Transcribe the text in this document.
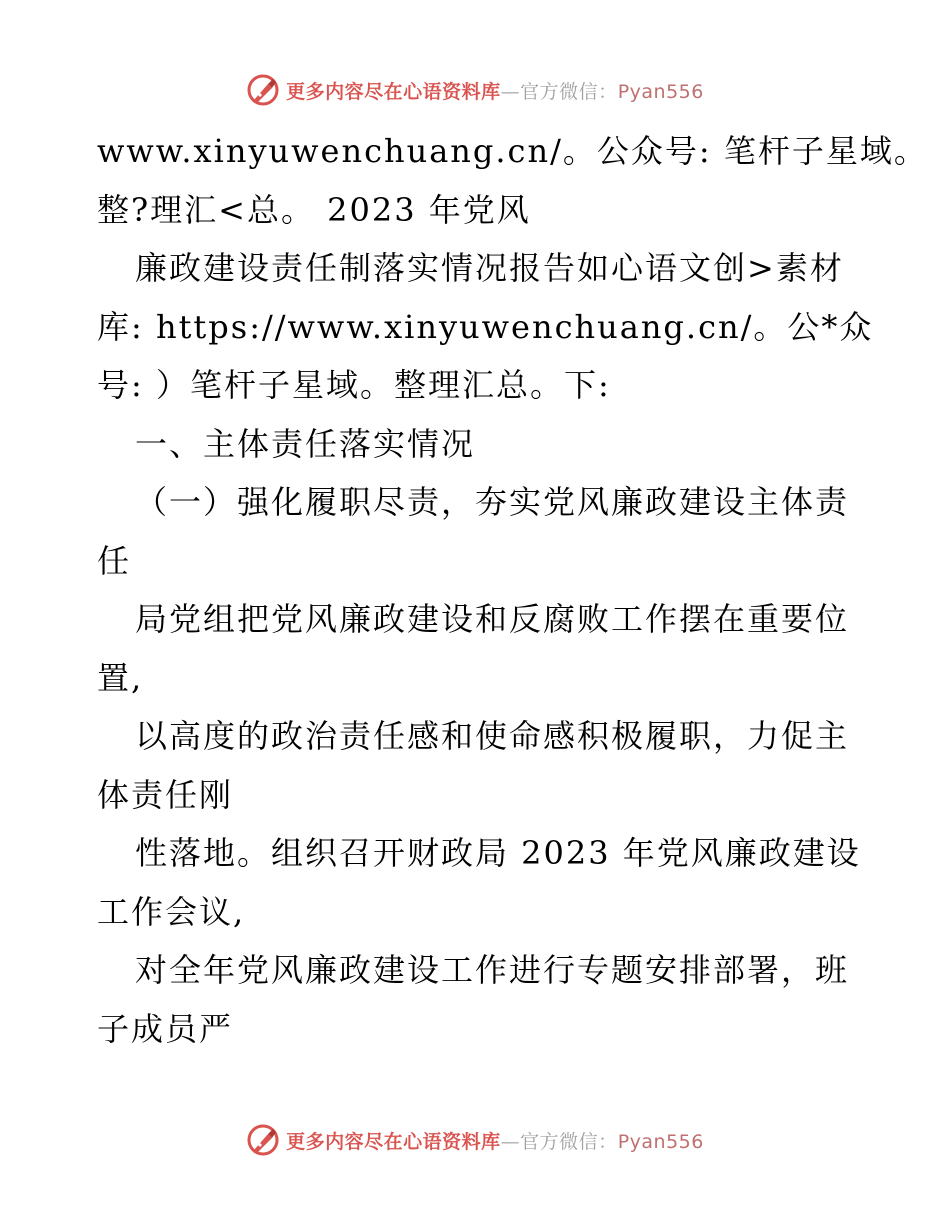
更多内容尽在心语资料库—官方微信：Pyan556
www.xinyuwenchuang.cn/。公众号: 笔杆子星域。
整?理汇<总。 2023 年党风
廉政建设责任制落实情况报告如心语文创>素材
库: https://www.xinyuwenchuang.cn/。公*众
号: ）笔杆子星域。整理汇总。下:
一、主体责任落实情况
（一）强化履职尽责，夯实党风廉政建设主体责
任
局党组把党风廉政建设和反腐败工作摆在重要位
置,
以高度的政治责任感和使命感积极履职，力促主
体责任刚
性落地。组织召开财政局 2023 年党风廉政建设
工作会议,
对全年党风廉政建设工作进行专题安排部署，班
子成员严
更多内容尽在心语资料库—官方微信：Pyan556
